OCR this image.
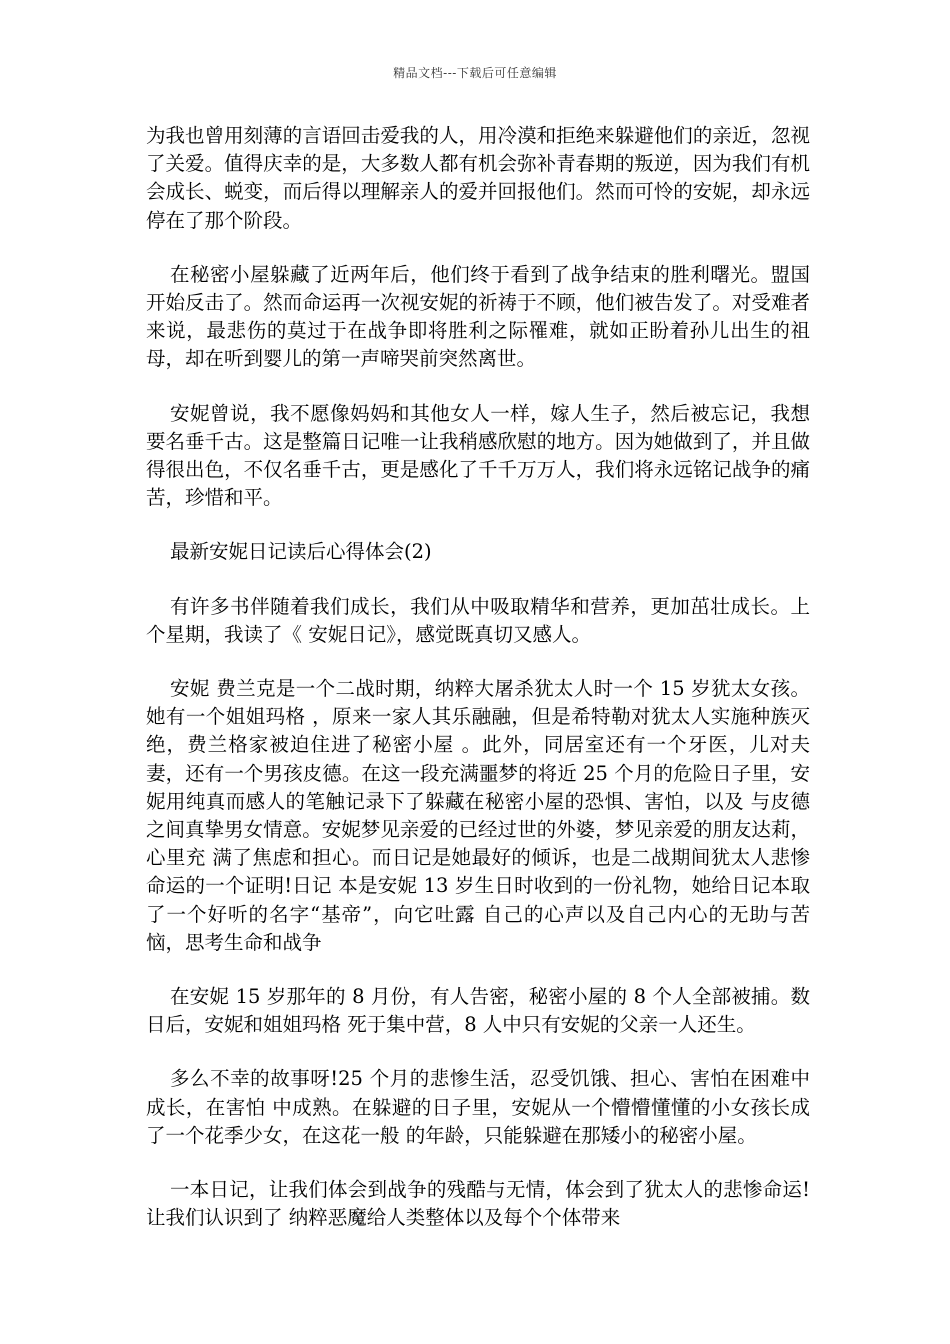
精品文档---下载后可任意编辑

为我也曾用刻薄的言语回击爱我的人，用冷漠和拒绝来躲避他们的亲近，忽视了关爱。值得庆幸的是，大多数人都有机会弥补青春期的叛逆，因为我们有机会成长、蜕变，而后得以理解亲人的爱并回报他们。然而可怜的安妮，却永远停在了那个阶段。

在秘密小屋躲藏了近两年后，他们终于看到了战争结束的胜利曙光。盟国开始反击了。然而命运再一次视安妮的祈祷于不顾，他们被告发了。对受难者来说，最悲伤的莫过于在战争即将胜利之际罹难，就如正盼着孙儿出生的祖母，却在听到婴儿的第一声啼哭前突然离世。

安妮曾说，我不愿像妈妈和其他女人一样，嫁人生子，然后被忘记，我想要名垂千古。这是整篇日记唯一让我稍感欣慰的地方。因为她做到了，并且做得很出色，不仅名垂千古，更是感化了千千万万人，我们将永远铭记战争的痛苦，珍惜和平。

最新安妮日记读后心得体会(2)

有许多书伴随着我们成长，我们从中吸取精华和营养，更加茁壮成长。上个星期，我读了《 安妮日记》，感觉既真切又感人。

安妮 费兰克是一个二战时期，纳粹大屠杀犹太人时一个 15 岁犹太女孩。她有一个姐姐玛格 ，原来一家人其乐融融，但是希特勒对犹太人实施种族灭绝，费兰格家被迫住进了秘密小屋 。此外，同居室还有一个牙医，儿对夫妻，还有一个男孩皮德。在这一段充满噩梦的将近 25 个月的危险日子里，安妮用纯真而感人的笔触记录下了躲藏在秘密小屋的恐惧、害怕，以及 与皮德之间真挚男女情意。安妮梦见亲爱的已经过世的外婆，梦见亲爱的朋友达莉，心里充 满了焦虑和担心。而日记是她最好的倾诉，也是二战期间犹太人悲惨命运的一个证明!日记 本是安妮 13 岁生日时收到的一份礼物，她给日记本取了一个好听的名字“基帝”，向它吐露 自己的心声以及自己内心的无助与苦恼，思考生命和战争

在安妮 15 岁那年的 8 月份，有人告密，秘密小屋的 8 个人全部被捕。数日后，安妮和姐姐玛格 死于集中营，8 人中只有安妮的父亲一人还生。

多么不幸的故事呀!25 个月的悲惨生活，忍受饥饿、担心、害怕在困难中成长，在害怕 中成熟。在躲避的日子里，安妮从一个懵懵懂懂的小女孩长成了一个花季少女，在这花一般 的年龄，只能躲避在那矮小的秘密小屋。

一本日记，让我们体会到战争的残酷与无情，体会到了犹太人的悲惨命运!让我们认识到了 纳粹恶魔给人类整体以及每个个体带来
